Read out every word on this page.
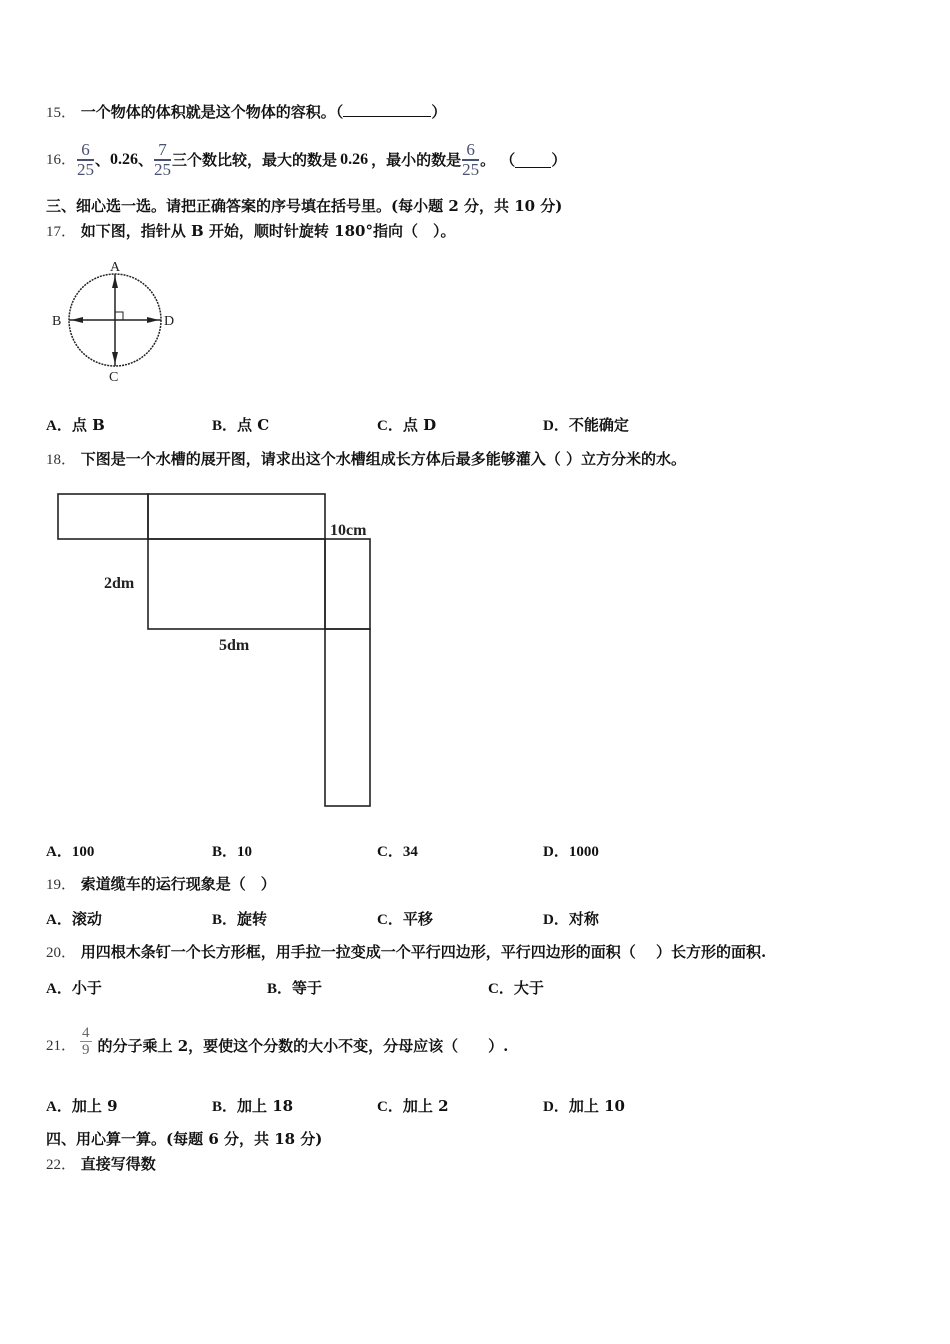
15． 一个物体的体积就是这个物体的容积。（	）
16． $\frac{6}{25}$ 、 0.26 、 $\frac{7}{25}$ 三个数比较，最大的数是 0.26 ，最小的数是 $\frac{6}{25}$ 。 （ ）
三、细心选一选。请把正确答案的序号填在括号里。(每小题 2 分，共 10 分)
17． 如下图，指针从 B 开始，顺时针旋转 180°指向（　）。
A
B
C
D
A．点 B	B．点 C	C．点 D	D．不能确定
18． 下图是一个水槽的展开图，请求出这个水槽组成长方体后最多能够灌入（ ）立方分米的水。
10cm
2dm
5dm
A．100	B．10	C．34	D．1000
19． 索道缆车的运行现象是（　）
A．滚动	B．旋转	C．平移	D．对称
20． 用四根木条钉一个长方形框，用手拉一拉变成一个平行四边形，平行四边形的面积（　 ）长方形的面积.
A．小于	B．等于	C．大于
21． $\frac{4}{9}$ 的分子乘上 2，要使这个分数的大小不变，分母应该（　　）.
A．加上 9	B．加上 18	C．加上 2	D．加上 10
四、用心算一算。(每题 6 分，共 18 分)
22． 直接写得数
